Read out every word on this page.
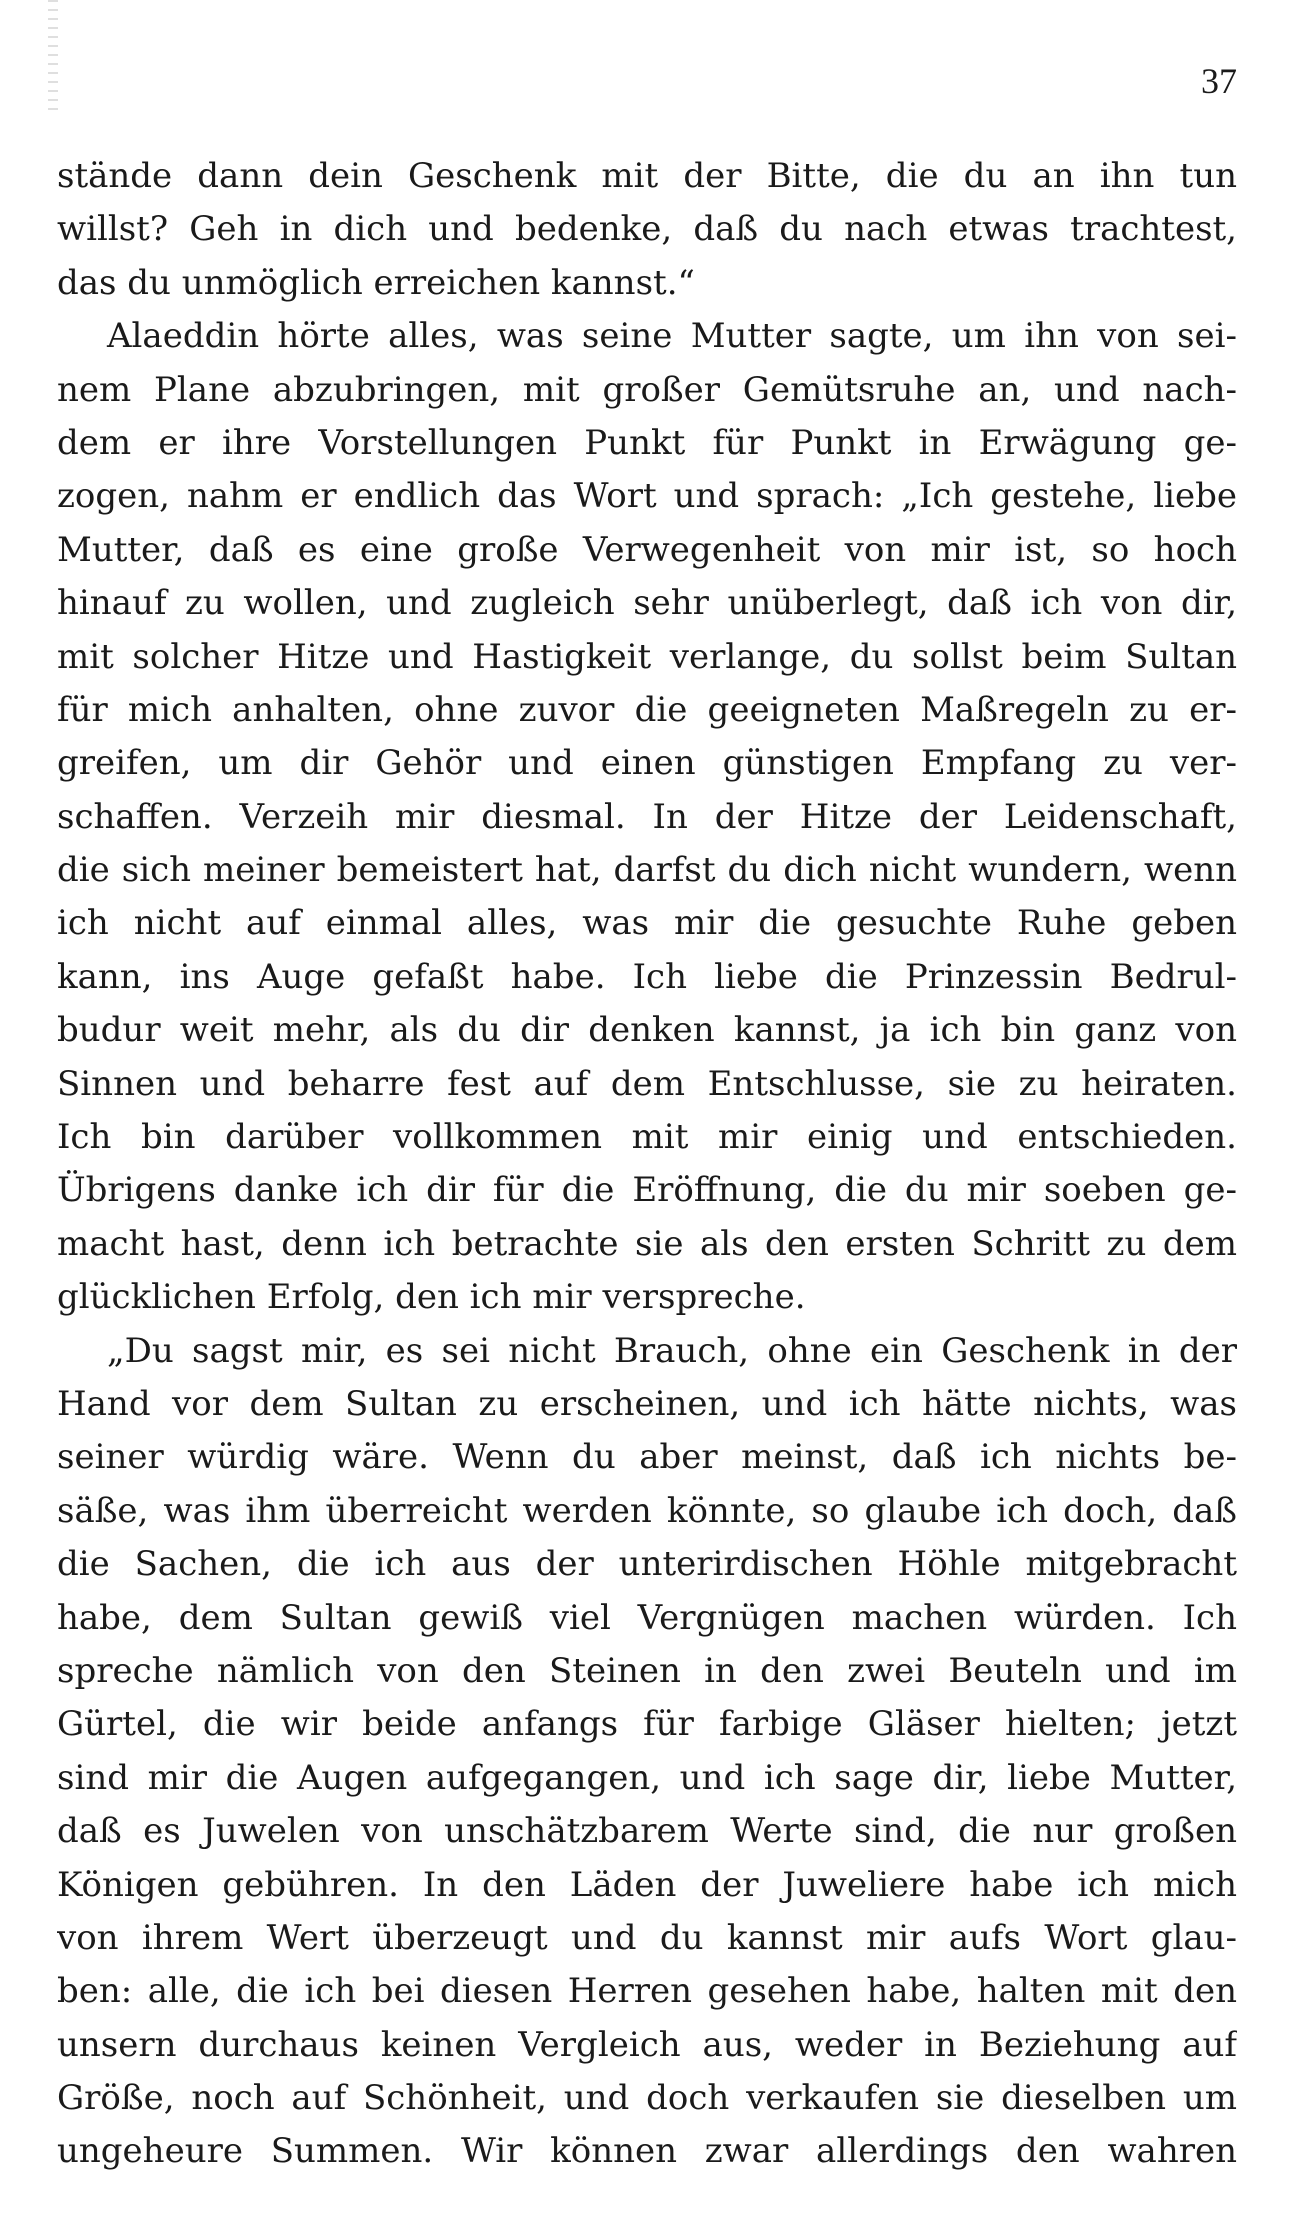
37
stände dann dein Geschenk mit der Bitte, die du an ihn tun
willst? Geh in dich und bedenke, daß du nach etwas trachtest,
das du unmöglich erreichen kannst.“
Alaeddin hörte alles, was seine Mutter sagte, um ihn von sei-
nem Plane abzubringen, mit großer Gemütsruhe an, und nach-
dem er ihre Vorstellungen Punkt für Punkt in Erwägung ge-
zogen, nahm er endlich das Wort und sprach: „Ich gestehe, liebe
Mutter, daß es eine große Verwegenheit von mir ist, so hoch
hinauf zu wollen, und zugleich sehr unüberlegt, daß ich von dir,
mit solcher Hitze und Hastigkeit verlange, du sollst beim Sultan
für mich anhalten, ohne zuvor die geeigneten Maßregeln zu er-
greifen, um dir Gehör und einen günstigen Empfang zu ver-
schaffen. Verzeih mir diesmal. In der Hitze der Leidenschaft,
die sich meiner bemeistert hat, darfst du dich nicht wundern, wenn
ich nicht auf einmal alles, was mir die gesuchte Ruhe geben
kann, ins Auge gefaßt habe. Ich liebe die Prinzessin Bedrul-
budur weit mehr, als du dir denken kannst, ja ich bin ganz von
Sinnen und beharre fest auf dem Entschlusse, sie zu heiraten.
Ich bin darüber vollkommen mit mir einig und entschieden.
Übrigens danke ich dir für die Eröffnung, die du mir soeben ge-
macht hast, denn ich betrachte sie als den ersten Schritt zu dem
glücklichen Erfolg, den ich mir verspreche.
„Du sagst mir, es sei nicht Brauch, ohne ein Geschenk in der
Hand vor dem Sultan zu erscheinen, und ich hätte nichts, was
seiner würdig wäre. Wenn du aber meinst, daß ich nichts be-
säße, was ihm überreicht werden könnte, so glaube ich doch, daß
die Sachen, die ich aus der unterirdischen Höhle mitgebracht
habe, dem Sultan gewiß viel Vergnügen machen würden. Ich
spreche nämlich von den Steinen in den zwei Beuteln und im
Gürtel, die wir beide anfangs für farbige Gläser hielten; jetzt
sind mir die Augen aufgegangen, und ich sage dir, liebe Mutter,
daß es Juwelen von unschätzbarem Werte sind, die nur großen
Königen gebühren. In den Läden der Juweliere habe ich mich
von ihrem Wert überzeugt und du kannst mir aufs Wort glau-
ben: alle, die ich bei diesen Herren gesehen habe, halten mit den
unsern durchaus keinen Vergleich aus, weder in Beziehung auf
Größe, noch auf Schönheit, und doch verkaufen sie dieselben um
ungeheure Summen. Wir können zwar allerdings den wahren
